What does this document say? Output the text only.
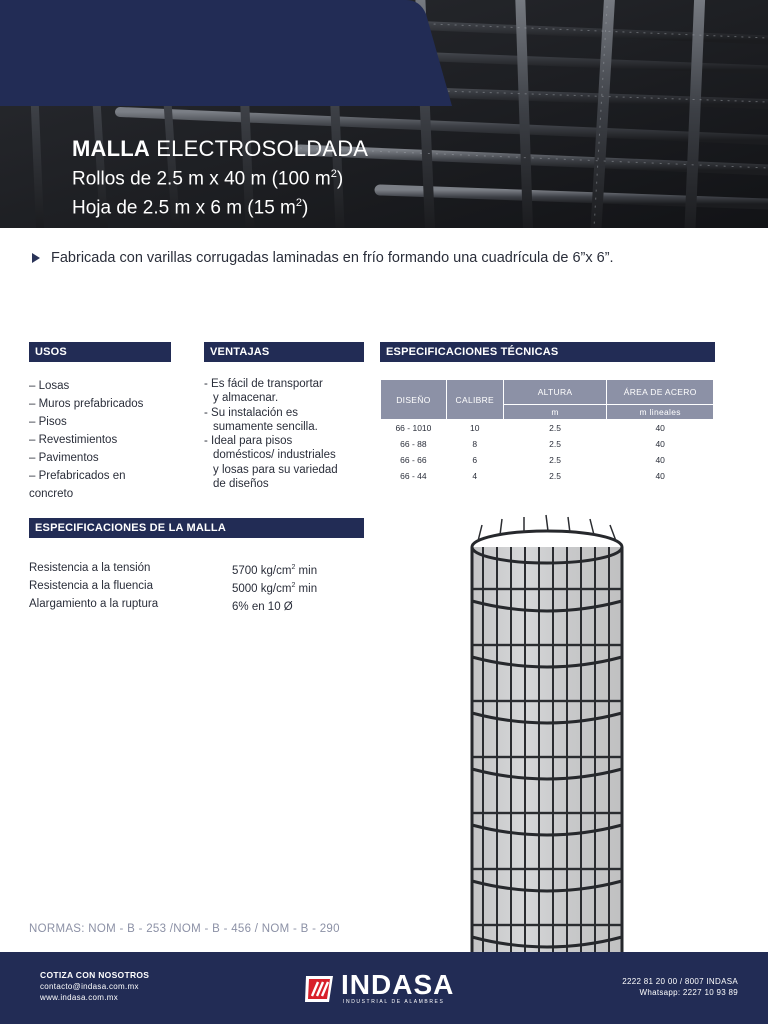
MALLA ELECTROSOLDADA
Rollos de 2.5 m x 40 m (100 $m^2$)
Hoja de 2.5 m x 6 m (15 $m^2$)
Fabricada con varillas corrugadas laminadas en frío formando una cuadrícula de 6”x 6”.
USOS
– Losas
– Muros prefabricados
– Pisos
– Revestimientos
– Pavimentos
– Prefabricados en
concreto
VENTAJAS
- Es fácil de transportar
y almacenar.
- Su instalación es
sumamente sencilla.
- Ideal para pisos
domésticos/ industriales
y losas para su variedad
de diseños
ESPECIFICACIONES TÉCNICAS
DISEÑO	CALIBRE	ALTURA	ÁREA DE ACERO
		m	m lineales
66 - 1010	10	2.5	40
66 - 88	8	2.5	40
66 - 66	6	2.5	40
66 - 44	4	2.5	40
ESPECIFICACIONES DE LA MALLA
Resistencia a la tensión	5700 $kg/cm^2$ min
Resistencia a la fluencia	5000 $kg/cm^2$ min
Alargamiento a la ruptura	6% en 10 Ø
NORMAS: NOM - B - 253 /NOM - B - 456 / NOM - B - 290
COTIZA CON NOSOTROS
contacto@indasa.com.mx
www.indasa.com.mx	INDASA
INDUSTRIAL DE ALAMBRES
2222 81 20 00 / 8007 INDASA
Whatsapp: 2227 10 93 89
